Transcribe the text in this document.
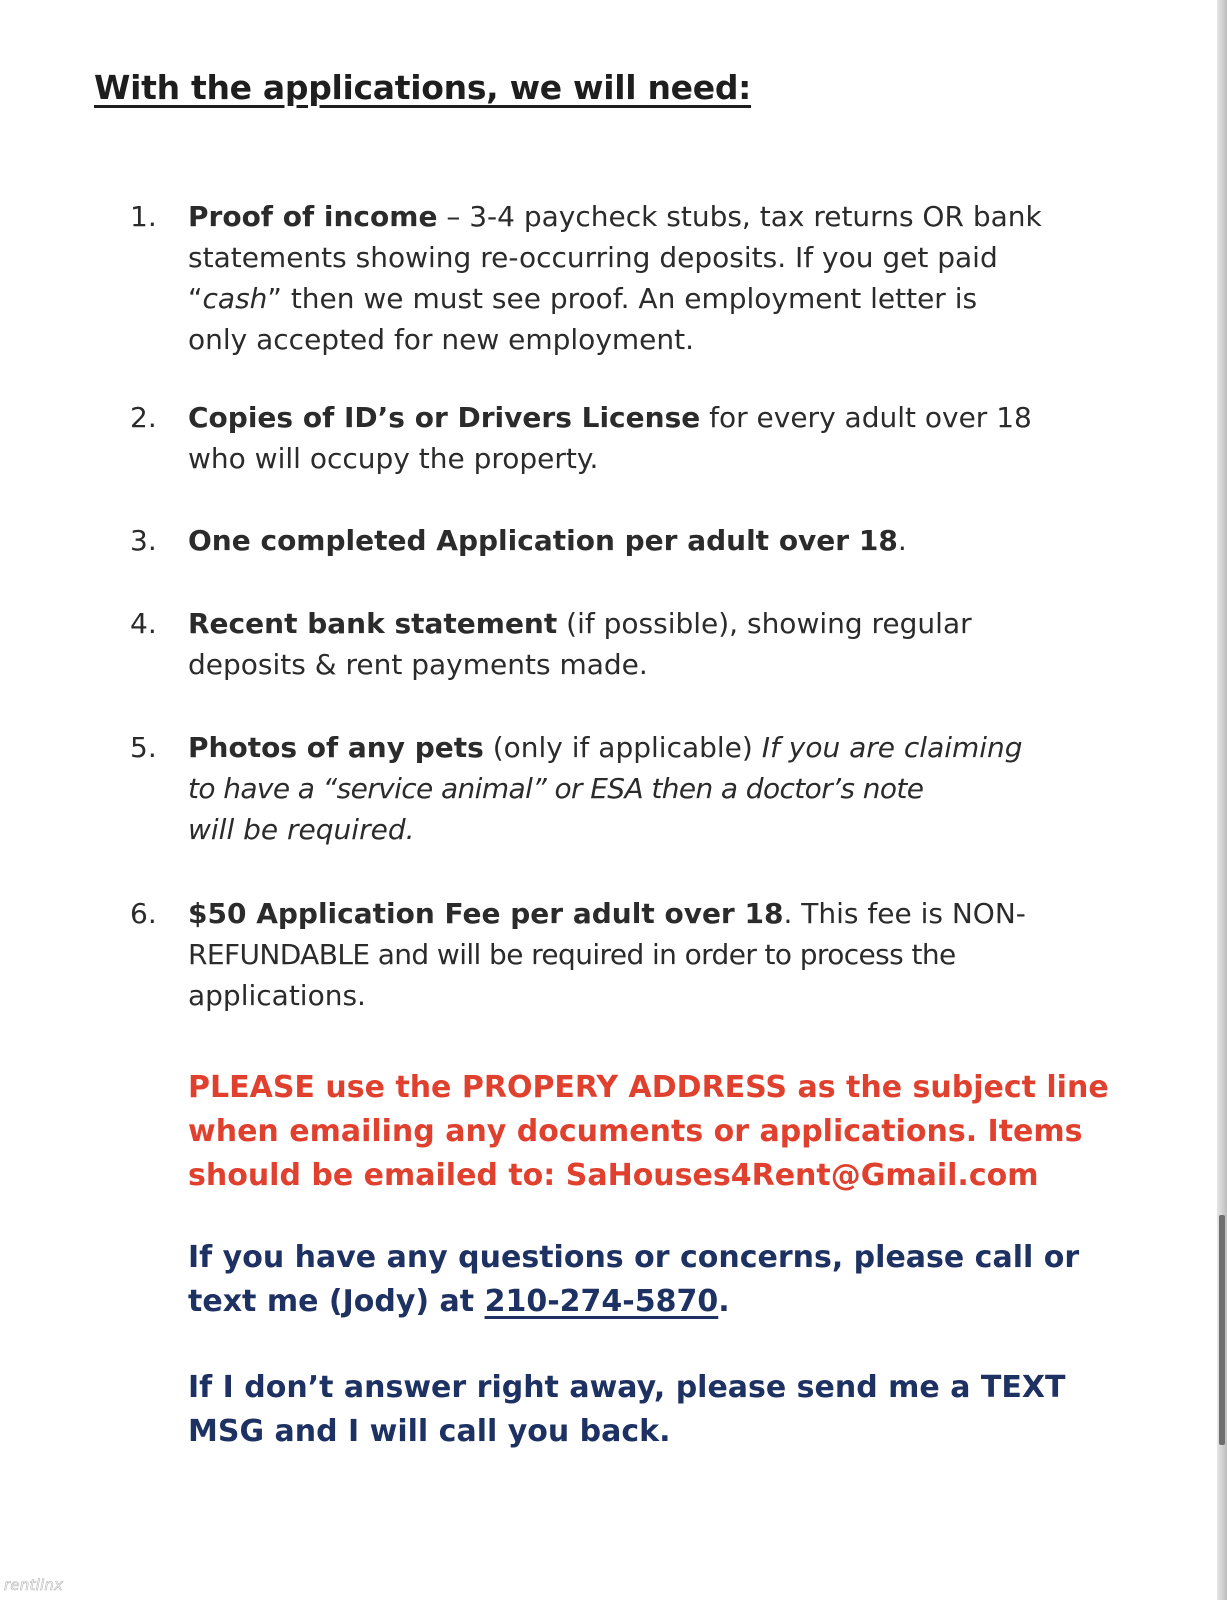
With the applications, we will need:
1.	Proof of income – 3-4 paycheck stubs, tax returns OR bank
statements showing re-occurring deposits. If you get paid
“cash” then we must see proof. An employment letter is
only accepted for new employment.
2.	Copies of ID’s or Drivers License for every adult over 18
who will occupy the property.
3.	One completed Application per adult over 18.
4.	Recent bank statement (if possible), showing regular
deposits & rent payments made.
5.	Photos of any pets (only if applicable) If you are claiming
to have a “service animal” or ESA then a doctor’s note
will be required.
6.	$50 Application Fee per adult over 18. This fee is NON-
REFUNDABLE and will be required in order to process the
applications.
PLEASE use the PROPERY ADDRESS as the subject line
when emailing any documents or applications. Items
should be emailed to: SaHouses4Rent@Gmail.com
If you have any questions or concerns, please call or
text me (Jody) at 210-274-5870.
If I don’t answer right away, please send me a TEXT
MSG and I will call you back.
rentlinx
